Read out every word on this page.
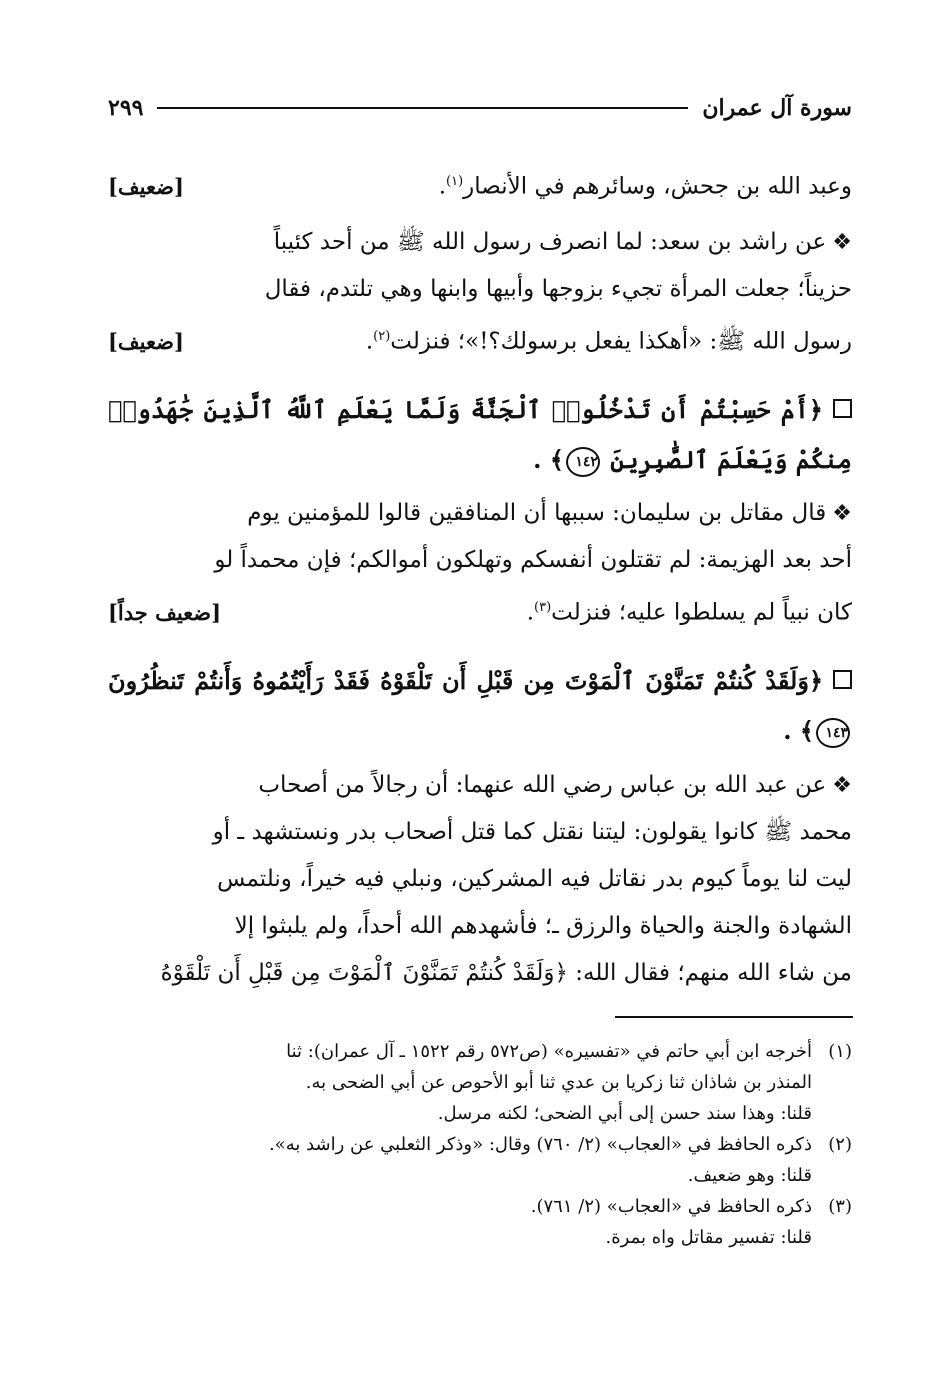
سورة آل عمران
٢٩٩
وعبد الله بن جحش، وسائرهم في الأنصار$^{(١)}$.
[ضعيف]
❖عن راشد بن سعد: لما انصرف رسول الله ﷺ من أحد كئيباً
حزيناً؛ جعلت المرأة تجيء بزوجها وأبيها وابنها وهي تلتدم، فقال
رسول الله ﷺ: «أهكذا يفعل برسولك؟!»؛ فنزلت$^{(٢)}$.
[ضعيف]
﴿أَمْ حَسِبْتُمْ أَن تَدْخُلُوا۟ ٱلْجَنَّةَ وَلَمَّا يَعْلَمِ ٱللَّهُ ٱلَّذِينَ جَٰهَدُوا۟ مِنكُمْ وَيَعْلَمَ ٱلصَّٰبِرِينَ ١٤٢﴾ .
❖قال مقاتل بن سليمان: سببها أن المنافقين قالوا للمؤمنين يوم
أحد بعد الهزيمة: لم تقتلون أنفسكم وتهلكون أموالكم؛ فإن محمداً لو
كان نبياً لم يسلطوا عليه؛ فنزلت$^{(٣)}$.
[ضعيف جداً]
﴿وَلَقَدْ كُنتُمْ تَمَنَّوْنَ ٱلْمَوْتَ مِن قَبْلِ أَن تَلْقَوْهُ فَقَدْ رَأَيْتُمُوهُ وَأَنتُمْ تَنظُرُونَ ١٤٣﴾ .
❖عن عبد الله بن عباس رضي الله عنهما: أن رجالاً من أصحاب
محمد ﷺ كانوا يقولون: ليتنا نقتل كما قتل أصحاب بدر ونستشهد ـ أو
ليت لنا يوماً كيوم بدر نقاتل فيه المشركين، ونبلي فيه خيراً، ونلتمس
الشهادة والجنة والحياة والرزق ـ؛ فأشهدهم الله أحداً، ولم يلبثوا إلا
من شاء الله منهم؛ فقال الله: ﴿وَلَقَدْ كُنتُمْ تَمَنَّوْنَ ٱلْمَوْتَ مِن قَبْلِ أَن تَلْقَوْهُ
(١)أخرجه ابن أبي حاتم في «تفسيره» (ص٥٧٢ رقم ١٥٢٢ ـ آل عمران): ثنا
المنذر بن شاذان ثنا زكريا بن عدي ثنا أبو الأحوص عن أبي الضحى به.
قلنا: وهذا سند حسن إلى أبي الضحى؛ لكنه مرسل.
(٢)ذكره الحافظ في «العجاب» (٢/ ٧٦٠) وقال: «وذكر الثعلبي عن راشد به».
قلنا: وهو ضعيف.
(٣)ذكره الحافظ في «العجاب» (٢/ ٧٦١).
قلنا: تفسير مقاتل واه بمرة.
